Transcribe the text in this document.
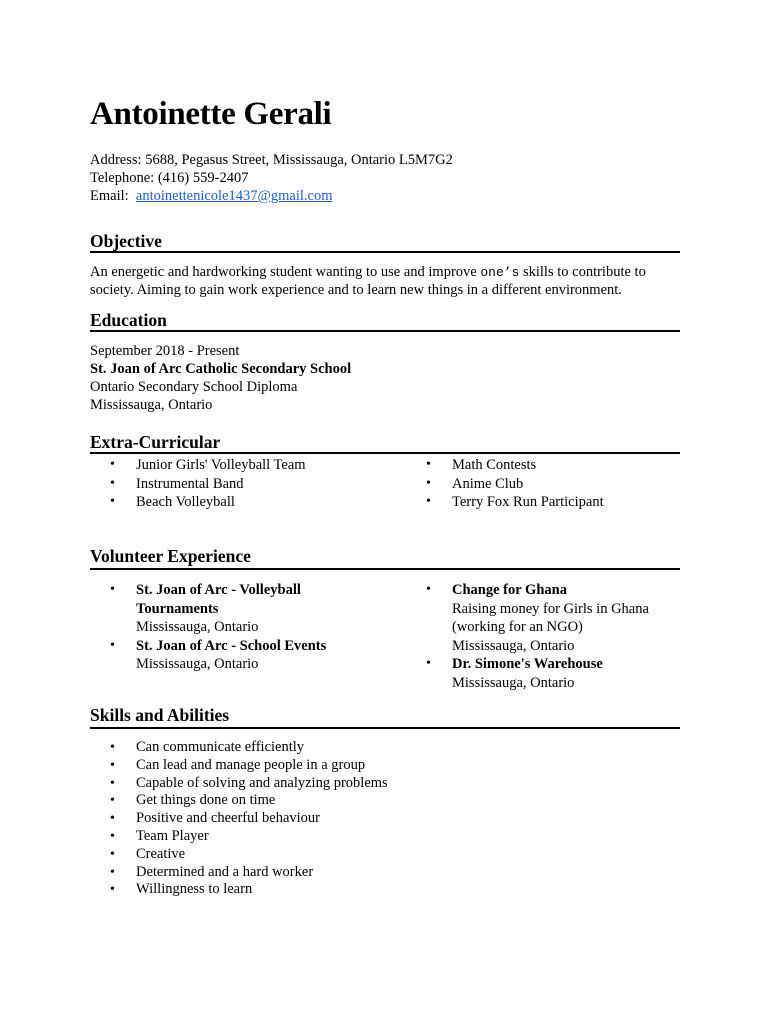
Antoinette Gerali
Address: 5688, Pegasus Street, Mississauga, Ontario L5M7G2
Telephone: (416) 559-2407
Email: antoinettenicole1437@gmail.com
Objective
An energetic and hardworking student wanting to use and improve one’s skills to contribute to
society. Aiming to gain work experience and to learn new things in a different environment.
Education
September 2018 - Present
St. Joan of Arc Catholic Secondary School
Ontario Secondary School Diploma
Mississauga, Ontario
Extra-Curricular
• Junior Girls' Volleyball Team
• Instrumental Band
• Beach Volleyball
• Math Contests
• Anime Club
• Terry Fox Run Participant
Volunteer Experience
• St. Joan of Arc - Volleyball
Tournaments
Mississauga, Ontario
• St. Joan of Arc - School Events
Mississauga, Ontario
• Change for Ghana
Raising money for Girls in Ghana
(working for an NGO)
Mississauga, Ontario
• Dr. Simone's Warehouse
Mississauga, Ontario
Skills and Abilities
• Can communicate efficiently
• Can lead and manage people in a group
• Capable of solving and analyzing problems
• Get things done on time
• Positive and cheerful behaviour
• Team Player
• Creative
• Determined and a hard worker
• Willingness to learn
